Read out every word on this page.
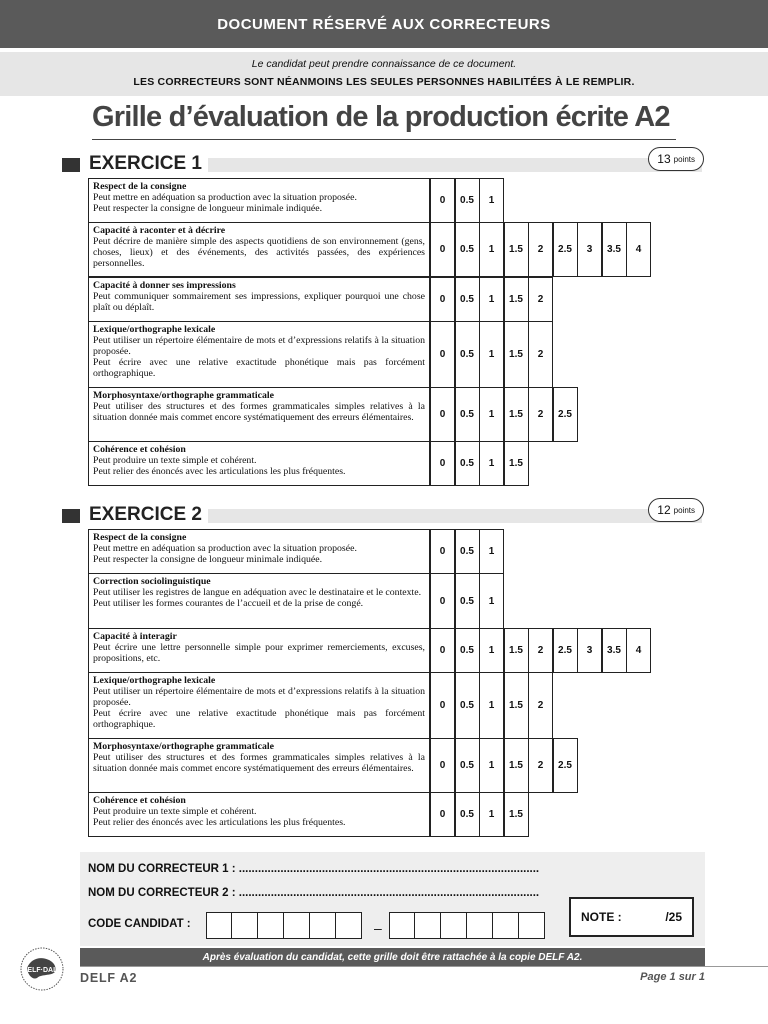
DOCUMENT RÉSERVÉ AUX CORRECTEURS
Le candidat peut prendre connaissance de ce document.
LES CORRECTEURS SONT NÉANMOINS LES SEULES PERSONNES HABILITÉES À LE REMPLIR.
Grille d’évaluation de la production écrite A2
EXERCICE 1	13 points
EXERCICE 2	12 points
Respect de la consigne
Peut mettre en adéquation sa production avec la situation proposée.
Peut respecter la consigne de longueur minimale indiquée.
0	0.5	1
Capacité à raconter et à décrire
Peut décrire de manière simple des aspects quotidiens de son environnement (gens, choses, lieux) et des événements, des activités passées, des expériences personnelles.
0	0.5	1	1.5	2	2.5	3	3.5	4
Capacité à donner ses impressions
Peut communiquer sommairement ses impressions, expliquer pourquoi une chose plaît ou déplaît.
0	0.5	1	1.5	2
Lexique/orthographe lexicale
Peut utiliser un répertoire élémentaire de mots et d’expressions relatifs à la situation proposée.
Peut écrire avec une relative exactitude phonétique mais pas forcément orthographique.
0	0.5	1	1.5	2
Morphosyntaxe/orthographe grammaticale
Peut utiliser des structures et des formes grammaticales simples relatives à la situation donnée mais commet encore systématiquement des erreurs élémentaires.	0	0.5	1	1.5	2	2.5
Cohérence et cohésion
Peut produire un texte simple et cohérent.
Peut relier des énoncés avec les articulations les plus fréquentes.
0	0.5	1	1.5
Respect de la consigne
Peut mettre en adéquation sa production avec la situation proposée.
Peut respecter la consigne de longueur minimale indiquée.
0	0.5	1
Correction sociolinguistique
Peut utiliser les registres de langue en adéquation avec le destinataire et le contexte.
Peut utiliser les formes courantes de l’accueil et de la prise de congé.	0	0.5	1
Capacité à interagir
Peut écrire une lettre personnelle simple pour exprimer remerciements, excuses, propositions, etc.
0	0.5	1	1.5	2	2.5	3	3.5	4
Lexique/orthographe lexicale
Peut utiliser un répertoire élémentaire de mots et d’expressions relatifs à la situation proposée.
Peut écrire avec une relative exactitude phonétique mais pas forcément orthographique.
0	0.5	1	1.5	2
Morphosyntaxe/orthographe grammaticale
Peut utiliser des structures et des formes grammaticales simples relatives à la situation donnée mais commet encore systématiquement des erreurs élémentaires.	0	0.5	1	1.5	2	2.5
Cohérence et cohésion
Peut produire un texte simple et cohérent.
Peut relier des énoncés avec les articulations les plus fréquentes.
0	0.5	1	1.5
NOM DU CORRECTEUR 1 : ..............................................................................................
NOM DU CORRECTEUR 2 : ..............................................................................................
CODE CANDIDAT :	–
NOTE :	/25
Après évaluation du candidat, cette grille doit être rattachée à la copie DELF A2.
DELF·DALF
DELF A2	Page 1 sur 1
